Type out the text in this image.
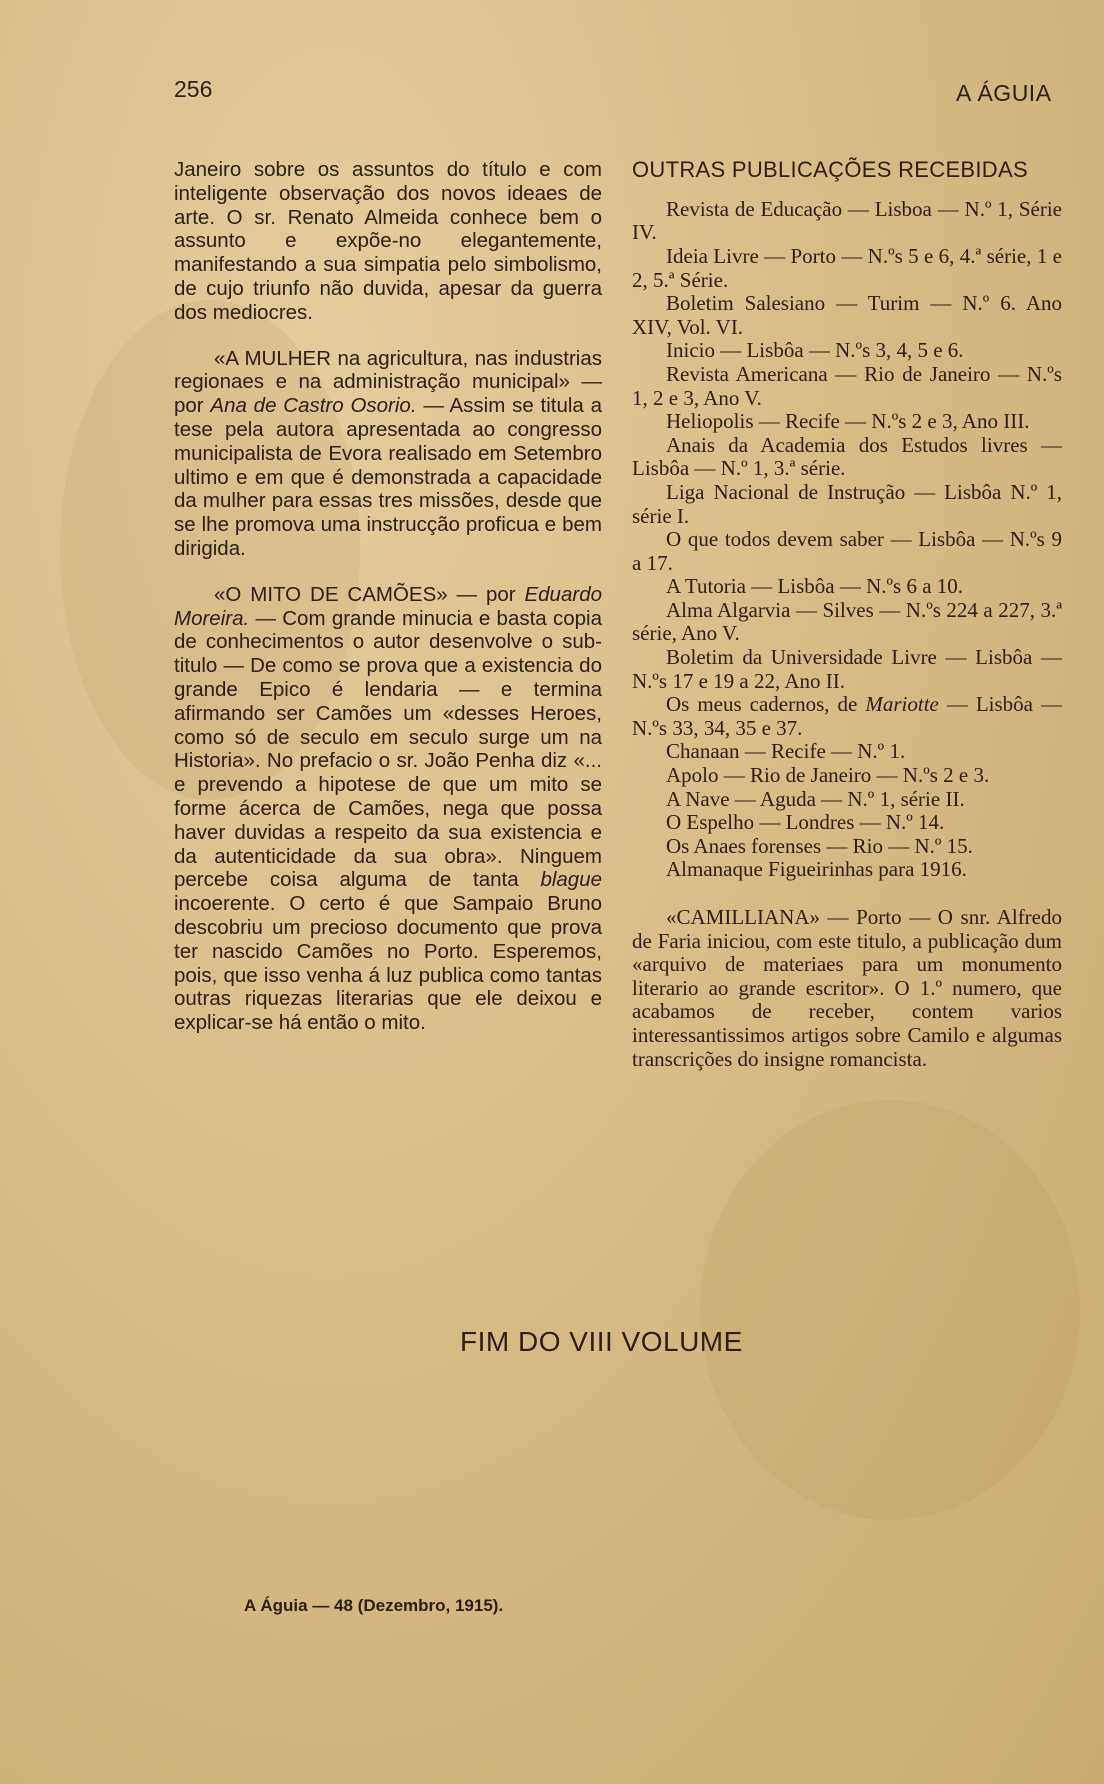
256	A ÁGUIA

Janeiro sobre os assuntos do título e com inteligente observação dos novos ideaes de arte. O sr. Renato Almeida conhece bem o assunto e expõe-no elegantemente, manifestando a sua simpatia pelo simbolismo, de cujo triunfo não duvida, apesar da guerra dos mediocres.

«A MULHER na agricultura, nas industrias regionaes e na administração municipal» — por Ana de Castro Osorio. — Assim se titula a tese pela autora apresentada ao congresso municipalista de Evora realisado em Setembro ultimo e em que é demonstrada a capacidade da mulher para essas tres missões, desde que se lhe promova uma instrucção proficua e bem dirigida.

«O MITO DE CAMÕES» — por Eduardo Moreira. — Com grande minucia e basta copia de conhecimentos o autor desenvolve o sub-titulo — De como se prova que a existencia do grande Epico é lendaria — e termina afirmando ser Camões um «desses Heroes, como só de seculo em seculo surge um na Historia». No prefacio o sr. João Penha diz «... e prevendo a hipotese de que um mito se forme ácerca de Camões, nega que possa haver duvidas a respeito da sua existencia e da autenticidade da sua obra». Ninguem percebe coisa alguma de tanta blague incoerente. O certo é que Sampaio Bruno descobriu um precioso documento que prova ter nascido Camões no Porto. Esperemos, pois, que isso venha á luz publica como tantas outras riquezas literarias que ele deixou e explicar-se há então o mito.

OUTRAS PUBLICAÇÕES RECEBIDAS

Revista de Educação — Lisboa — N.º 1, Série IV.

Ideia Livre — Porto — N.ºs 5 e 6, 4.ª série, 1 e 2, 5.ª Série.

Boletim Salesiano — Turim — N.º 6. Ano XIV, Vol. VI.

Inicio — Lisbôa — N.ºs 3, 4, 5 e 6.

Revista Americana — Rio de Janeiro — N.ºs 1, 2 e 3, Ano V.

Heliopolis — Recife — N.ºs 2 e 3, Ano III.

Anais da Academia dos Estudos livres — Lisbôa — N.º 1, 3.ª série.

Liga Nacional de Instrução — Lisbôa N.º 1, série I.

O que todos devem saber — Lisbôa — N.ºs 9 a 17.

A Tutoria — Lisbôa — N.ºs 6 a 10.

Alma Algarvia — Silves — N.ºs 224 a 227, 3.ª série, Ano V.

Boletim da Universidade Livre — Lisbôa — N.ºs 17 e 19 a 22, Ano II.

Os meus cadernos, de Mariotte — Lisbôa — N.ºs 33, 34, 35 e 37.

Chanaan — Recife — N.º 1.

Apolo — Rio de Janeiro — N.ºs 2 e 3.

A Nave — Aguda — N.º 1, série II.

O Espelho — Londres — N.º 14.

Os Anaes forenses — Rio — N.º 15.

Almanaque Figueirinhas para 1916.

«CAMILLIANA» — Porto — O snr. Alfredo de Faria iniciou, com este titulo, a publicação dum «arquivo de materiaes para um monumento literario ao grande escritor». O 1.º numero, que acabamos de receber, contem varios interessantissimos artigos sobre Camilo e algumas transcrições do insigne romancista.

FIM DO VIII VOLUME
A Águia — 48 (Dezembro, 1915).
